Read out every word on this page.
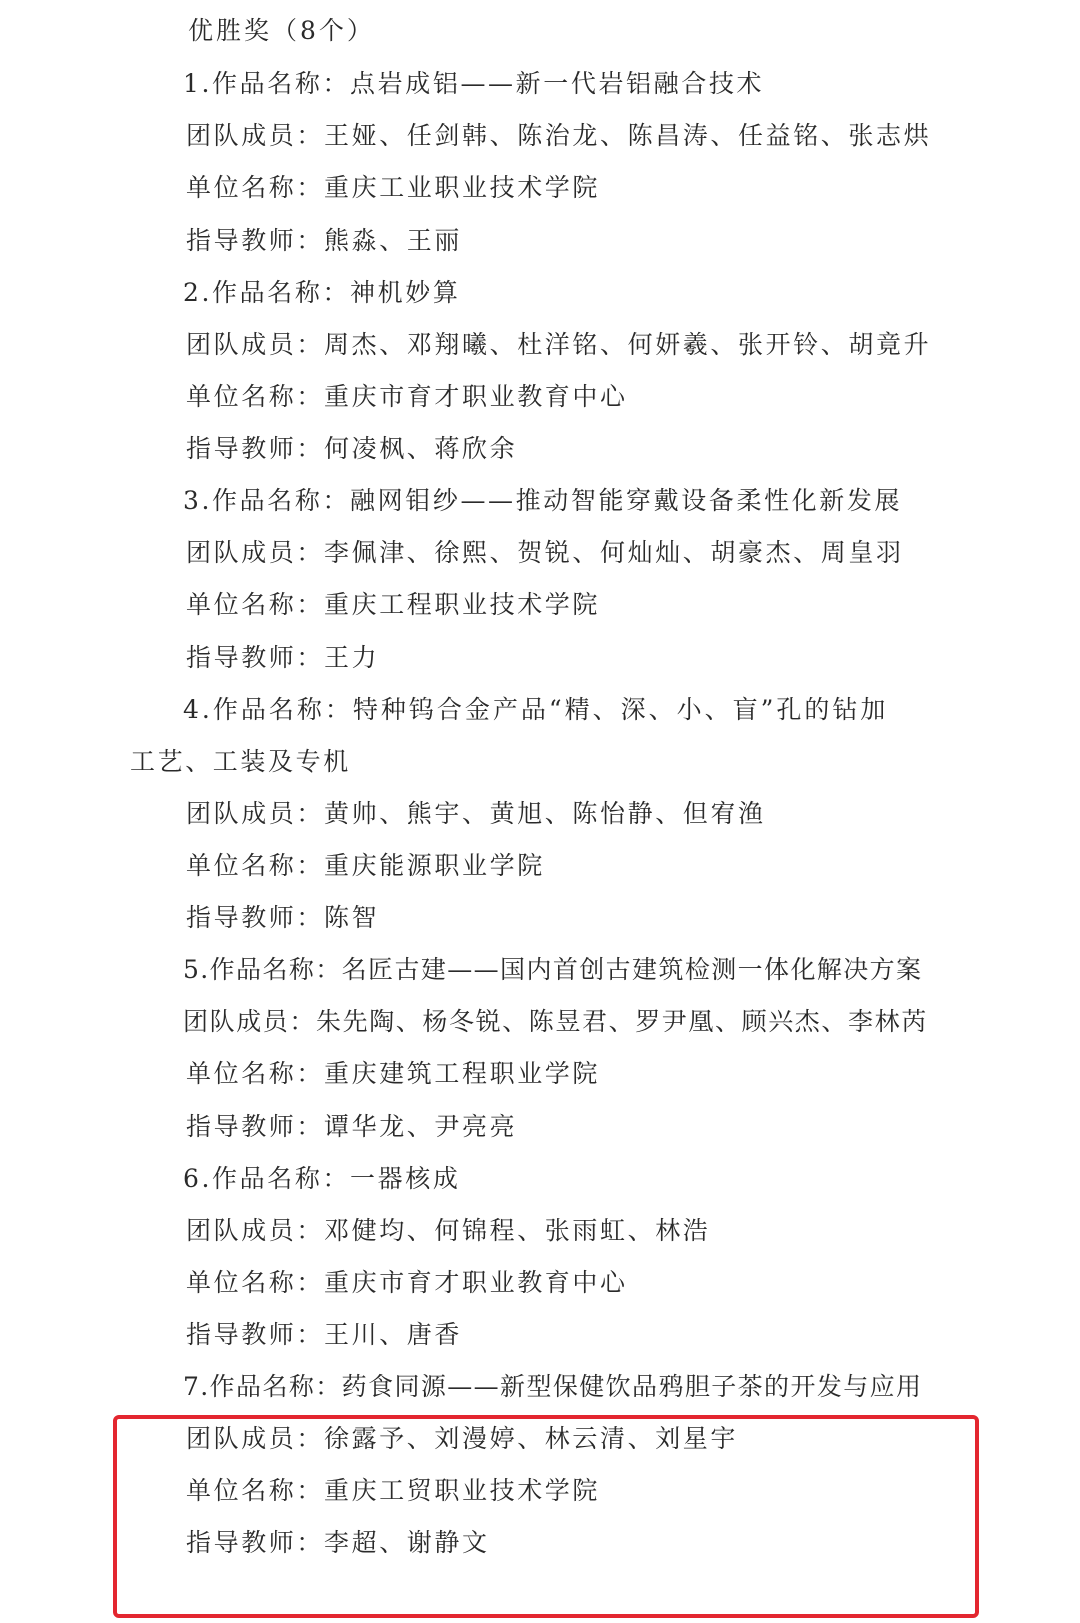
优胜奖（8个）
1.作品名称：点岩成铝——新一代岩铝融合技术
团队成员：王娅、任剑韩、陈治龙、陈昌涛、任益铭、张志烘
单位名称：重庆工业职业技术学院
指导教师：熊淼、王丽
2.作品名称：神机妙算
团队成员：周杰、邓翔曦、杜洋铭、何妍羲、张开铃、胡竟升
单位名称：重庆市育才职业教育中心
指导教师：何凌枫、蒋欣余
3.作品名称：融网钼纱——推动智能穿戴设备柔性化新发展
团队成员：李佩津、徐熙、贺锐、何灿灿、胡豪杰、周皇羽
单位名称：重庆工程职业技术学院
指导教师：王力
4.作品名称：特种钨合金产品“精、深、小、盲”孔的钻加
工艺、工装及专机
团队成员：黄帅、熊宇、黄旭、陈怡静、但宥渔
单位名称：重庆能源职业学院
指导教师：陈智
5.作品名称：名匠古建——国内首创古建筑检测一体化解决方案
团队成员：朱先陶、杨冬锐、陈昱君、罗尹凰、顾兴杰、李林芮
单位名称：重庆建筑工程职业学院
指导教师：谭华龙、尹亮亮
6.作品名称：一器核成
团队成员：邓健均、何锦程、张雨虹、林浩
单位名称：重庆市育才职业教育中心
指导教师：王川、唐香
7.作品名称：药食同源——新型保健饮品鸦胆子茶的开发与应用
团队成员：徐露予、刘漫婷、林云清、刘星宇
单位名称：重庆工贸职业技术学院
指导教师：李超、谢静文
